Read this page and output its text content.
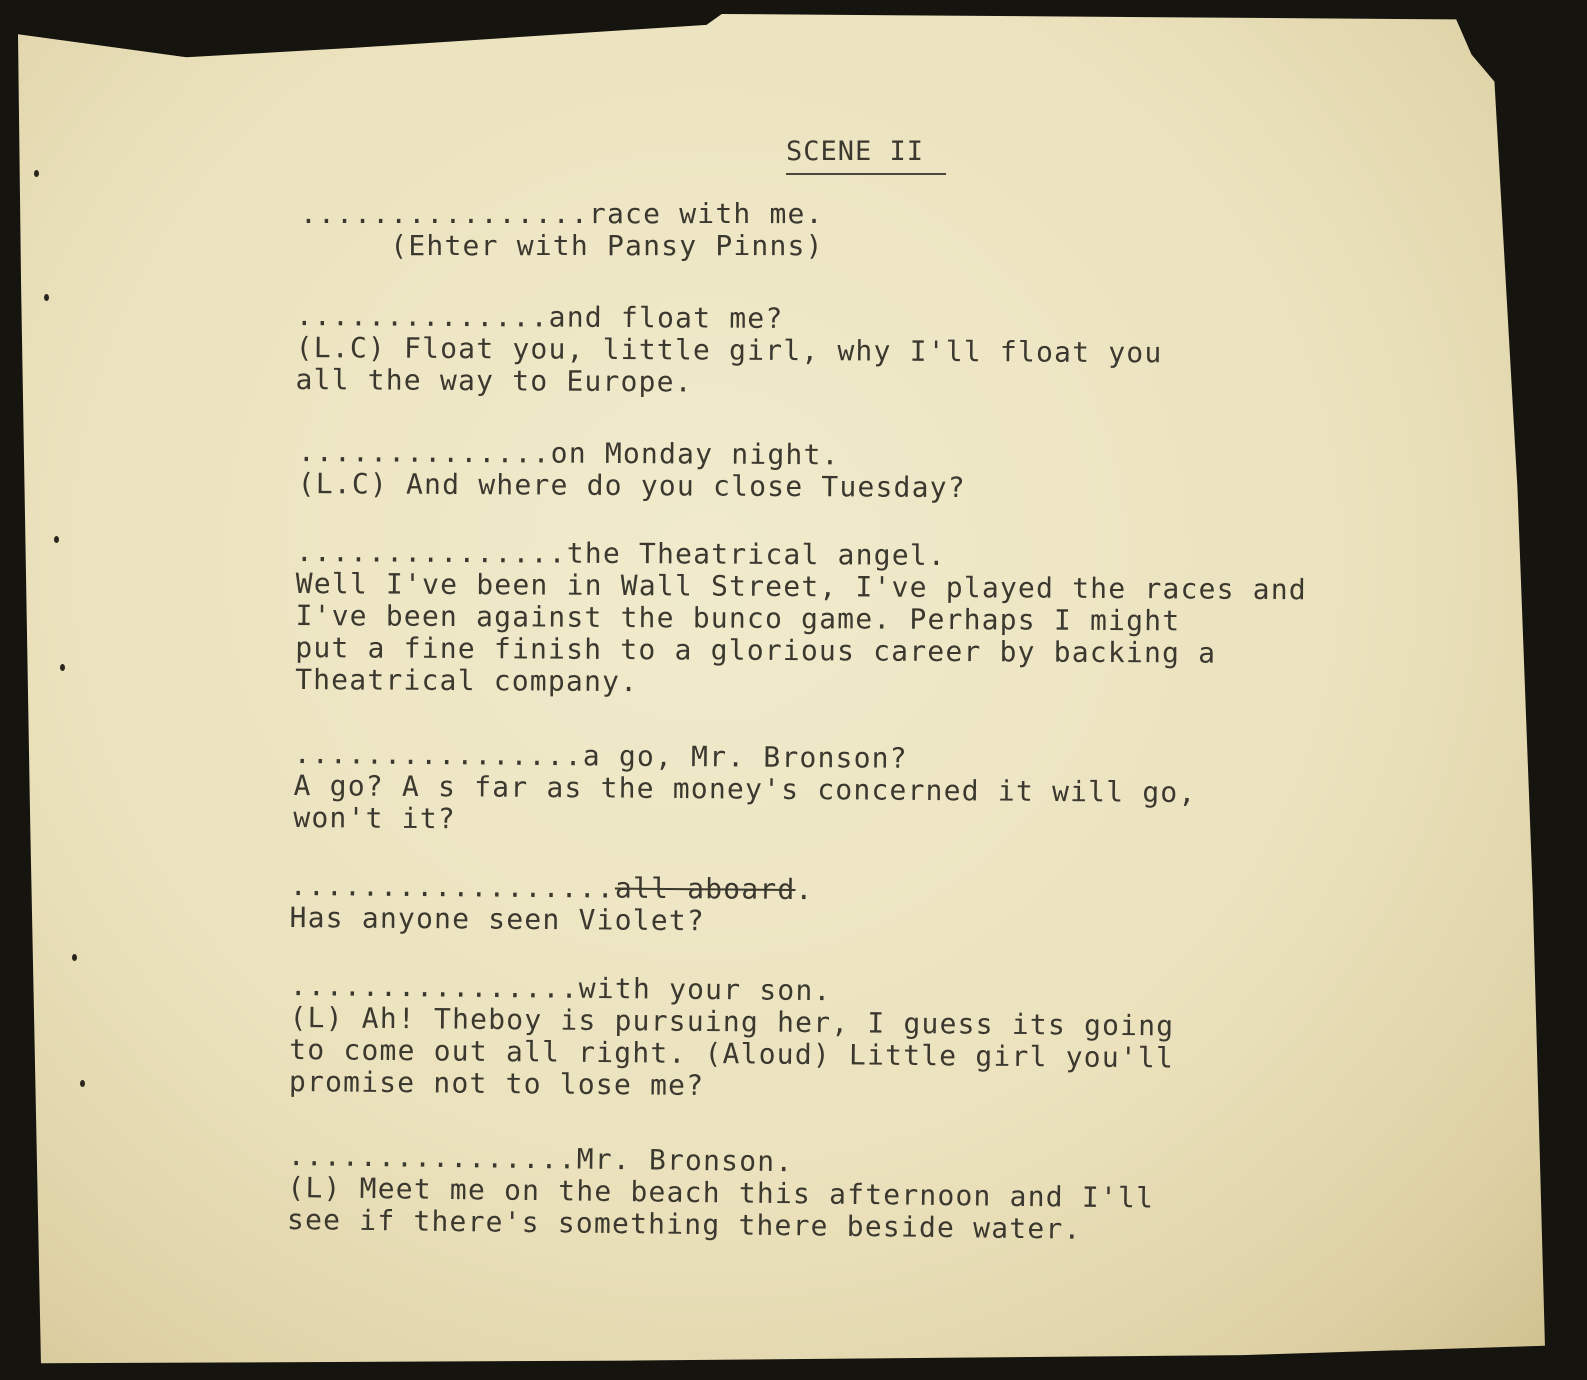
SCENE II

................race with me.

(Ehter with Pansy Pinns)

..............and float me?

(L.C) Float you, little girl, why I'll float you

all the way to Europe.

..............on Monday night.

(L.C) And where do you close Tuesday?

...............the Theatrical angel.

Well I've been in Wall Street, I've played the races and

I've been against the bunco game. Perhaps I might

put a fine finish to a glorious career by backing a

Theatrical company.

................a go, Mr. Bronson?

A go? A s far as the money's concerned it will go,

won't it?

..................all aboard.

Has anyone seen Violet?

................with your son.

(L) Ah! Theboy is pursuing her, I guess its going

to come out all right. (Aloud) Little girl you'll

promise not to lose me?

................Mr. Bronson.

(L) Meet me on the beach this afternoon and I'll

see if there's something there beside water.
